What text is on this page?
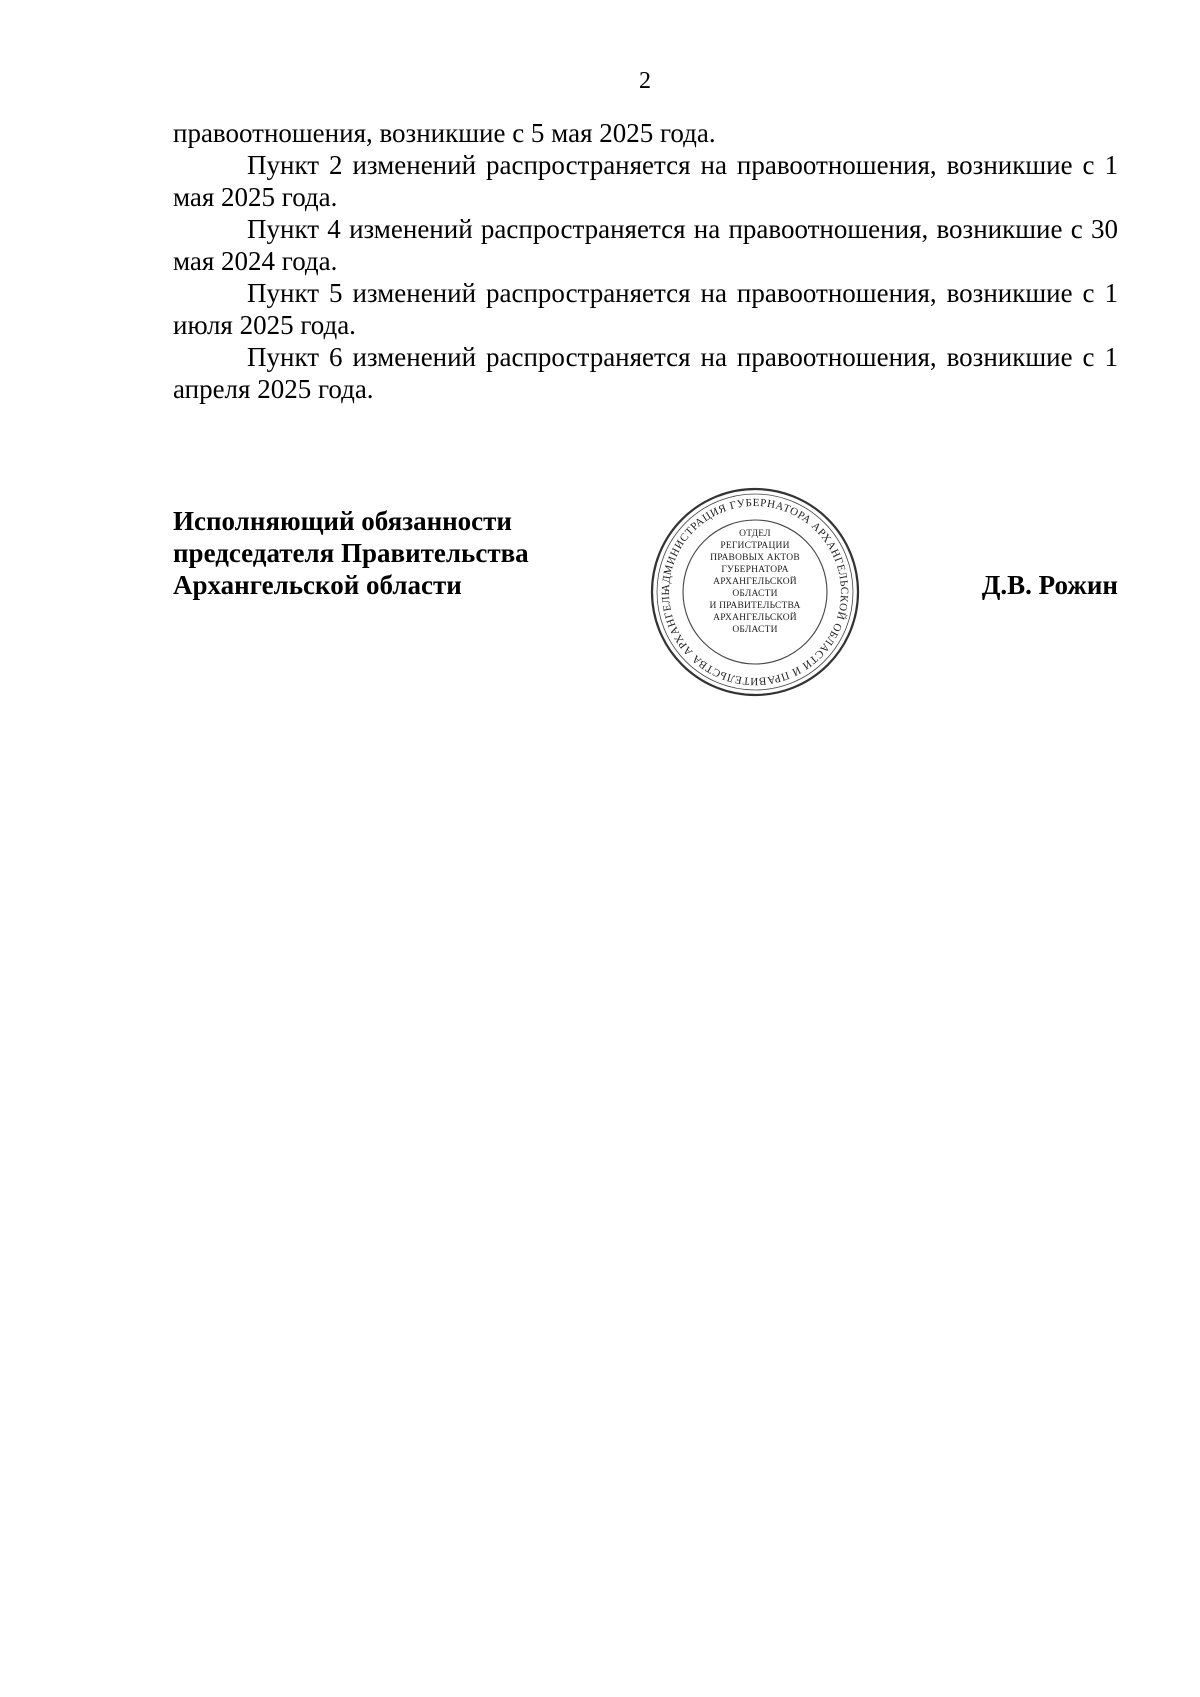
2

правоотношения, возникшие с 5 мая 2025 года.

Пункт 2 изменений распространяется на правоотношения, возникшие с 1 мая 2025 года.

Пункт 4 изменений распространяется на правоотношения, возникшие с 30 мая 2024 года.

Пункт 5 изменений распространяется на правоотношения, возникшие с 1 июля 2025 года.

Пункт 6 изменений распространяется на правоотношения, возникшие с 1 апреля 2025 года.

Исполняющий обязанности
председателя Правительства
Архангельской области	АДМИНИСТРАЦИЯ ГУБЕРНАТОРА АРХАНГЕЛЬСКОЙ ОБЛАСТИ И ПРАВИТЕЛЬСТВА АРХАНГЕЛЬ
ОТДЕЛ
РЕГИСТРАЦИИ
ПРАВОВЫХ АКТОВ
ГУБЕРНАТОРА
АРХАНГЕЛЬСКОЙ
ОБЛАСТИ
И ПРАВИТЕЛЬСТВА
АРХАНГЕЛЬСКОЙ
ОБЛАСТИ
Д.В. Рожин
